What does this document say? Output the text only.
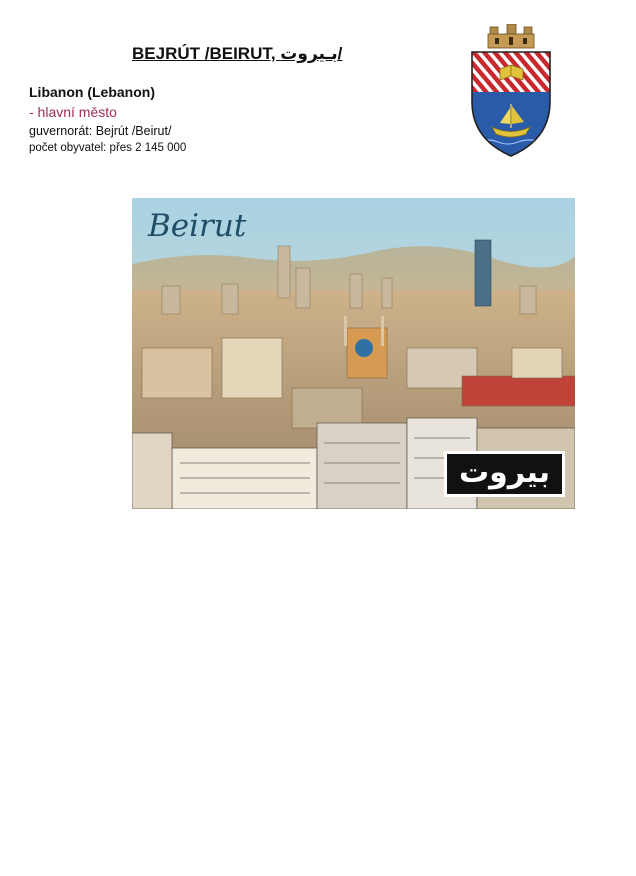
BEJRÚT /BEIRUT, بـيروت/
Libanon (Lebanon)
- hlavní město
guvernorát: Bejrút /Beirut/
počet obyvatel: přes 2 145 000
Beirut
بيروت
